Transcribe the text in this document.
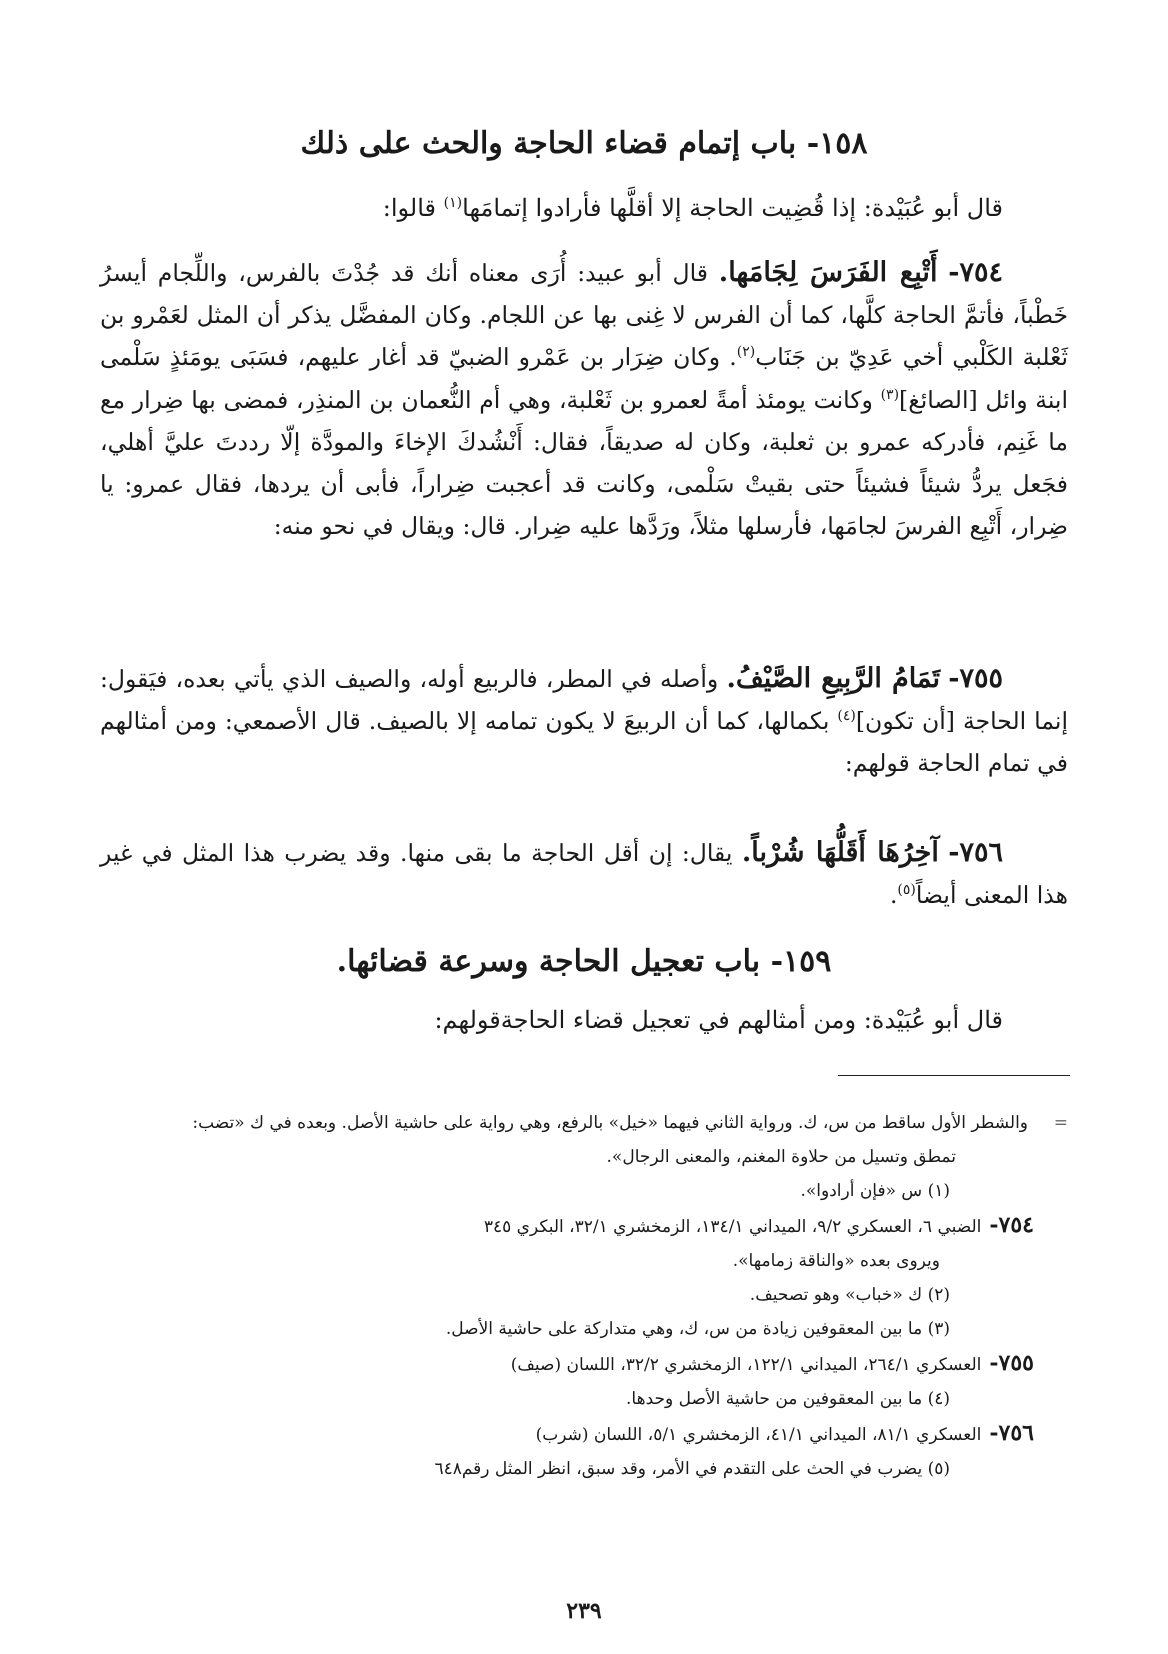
١٥٨- باب إتمام قضاء الحاجة والحث على ذلك
قال أبو عُبَيْدة: إذا قُضِيت الحاجة إلا أقلَّها فأرادوا إتمامَها$^{(١)}$ قالوا:

٧٥٤- أَتْبِع الفَرَسَ لِجَامَها. قال أبو عبيد: أُرَى معناه أنك قد جُدْتَ بالفرس، واللِّجام أيسرُ خَطْباً، فأتمَّ الحاجة كلَّها، كما أن الفرس لا غِنى بها عن اللجام. وكان المفضَّل يذكر أن المثل لعَمْرو بن ثَعْلبة الكَلْبي أخي عَدِيّ بن جَنَاب$^{(٢)}$. وكان ضِرَار بن عَمْرو الضبيّ قد أغار عليهم، فسَبَى يومَئذٍ سَلْمى ابنة وائل [الصائغ]$^{(٣)}$ وكانت يومئذ أمةً لعمرو بن ثَعْلبة، وهي أم النُّعمان بن المنذِر، فمضى بها ضِرار مع ما غَنِم، فأدركه عمرو بن ثعلبة، وكان له صديقاً، فقال: أَنْشُدكَ الإخاءَ والمودَّة إلّا رددتَ عليَّ أهلي، فجَعل يردُّ شيئاً فشيئاً حتى بقيتْ سَلْمى، وكانت قد أعجبت ضِراراً، فأبى أن يردها، فقال عمرو: يا ضِرار، أَتْبِع الفرسَ لجامَها، فأرسلها مثلاً، ورَدَّها عليه ضِرار. قال: ويقال في نحو منه:

٧٥٥- تَمَامُ الرَّبِيعِ الصَّيْفُ. وأصله في المطر، فالربيع أوله، والصيف الذي يأتي بعده، فيَقول: إنما الحاجة [أن تكون]$^{(٤)}$ بكمالها، كما أن الربيعَ لا يكون تمامه إلا بالصيف. قال الأصمعي: ومن أمثالهم في تمام الحاجة قولهم:

٧٥٦- آخِرُهَا أَقَلُّهَا شُرْباً. يقال: إن أقل الحاجة ما بقى منها. وقد يضرب هذا المثل في غير هذا المعنى أيضاً$^{(٥)}$.

١٥٩- باب تعجيل الحاجة وسرعة قضائها.
قال أبو عُبَيْدة: ومن أمثالهم في تعجيل قضاء الحاجةقولهم:
=والشطر الأول ساقط من س، ك. ورواية الثاني فيهما «خيل» بالرفع، وهي رواية على حاشية الأصل. وبعده في ك «تضب:
تمطق وتسيل من حلاوة المغنم، والمعنى الرجال».
(١) س «فإن أرادوا».
٧٥٤-الضبي ٦، العسكري ٩/٢، الميداني ١٣٤/١، الزمخشري ٣٢/١، البكري ٣٤٥
ويروى بعده «والناقة زمامها».
(٢) ك «خباب» وهو تصحيف.
(٣) ما بين المعقوفين زيادة من س، ك، وهي متداركة على حاشية الأصل.
٧٥٥-العسكري ٢٦٤/١، الميداني ١٢٢/١، الزمخشري ٣٢/٢، اللسان (صيف)
(٤) ما بين المعقوفين من حاشية الأصل وحدها.
٧٥٦-العسكري ٨١/١، الميداني ٤١/١، الزمخشري ٥/١، اللسان (شرب)
(٥) يضرب في الحث على التقدم في الأمر، وقد سبق، انظر المثل رقم٦٤٨
٢٣٩
